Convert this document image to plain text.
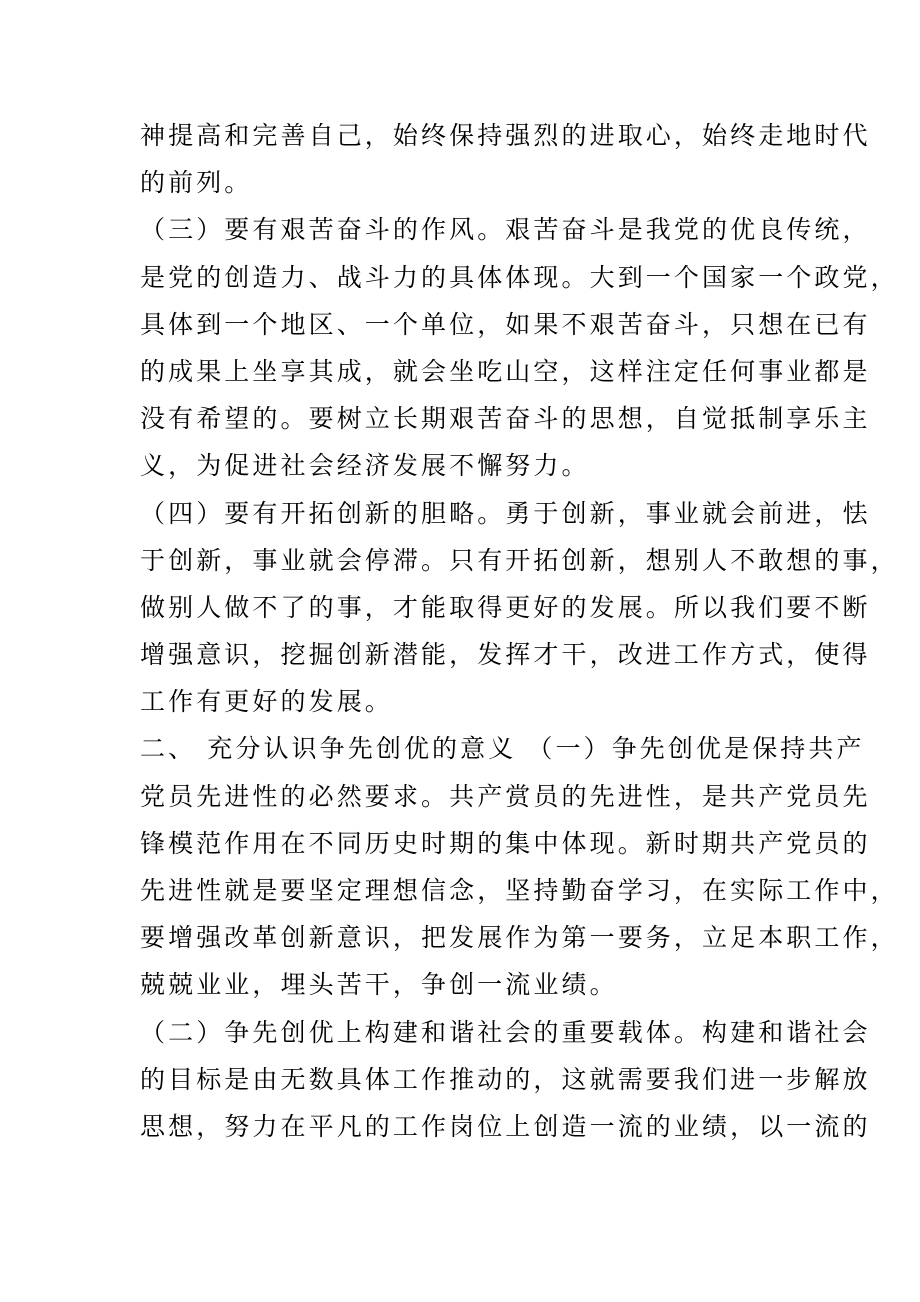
神提高和完善自己，始终保持强烈的进取心，始终走地时代
的前列。
（三）要有艰苦奋斗的作风。艰苦奋斗是我党的优良传统，
是党的创造力、战斗力的具体体现。大到一个国家一个政党，
具体到一个地区、一个单位，如果不艰苦奋斗，只想在已有
的成果上坐享其成，就会坐吃山空，这样注定任何事业都是
没有希望的。要树立长期艰苦奋斗的思想，自觉抵制享乐主
义，为促进社会经济发展不懈努力。
（四）要有开拓创新的胆略。勇于创新，事业就会前进，怯
于创新，事业就会停滞。只有开拓创新，想别人不敢想的事，
做别人做不了的事，才能取得更好的发展。所以我们要不断
增强意识，挖掘创新潜能，发挥才干，改进工作方式，使得
工作有更好的发展。
二、 充分认识争先创优的意义 （一）争先创优是保持共产
党员先进性的必然要求。共产赏员的先进性，是共产党员先
锋模范作用在不同历史时期的集中体现。新时期共产党员的
先进性就是要坚定理想信念，坚持勤奋学习，在实际工作中，
要增强改革创新意识，把发展作为第一要务，立足本职工作，
兢兢业业，埋头苦干，争创一流业绩。
（二）争先创优上构建和谐社会的重要载体。构建和谐社会
的目标是由无数具体工作推动的，这就需要我们进一步解放
思想，努力在平凡的工作岗位上创造一流的业绩，以一流的
